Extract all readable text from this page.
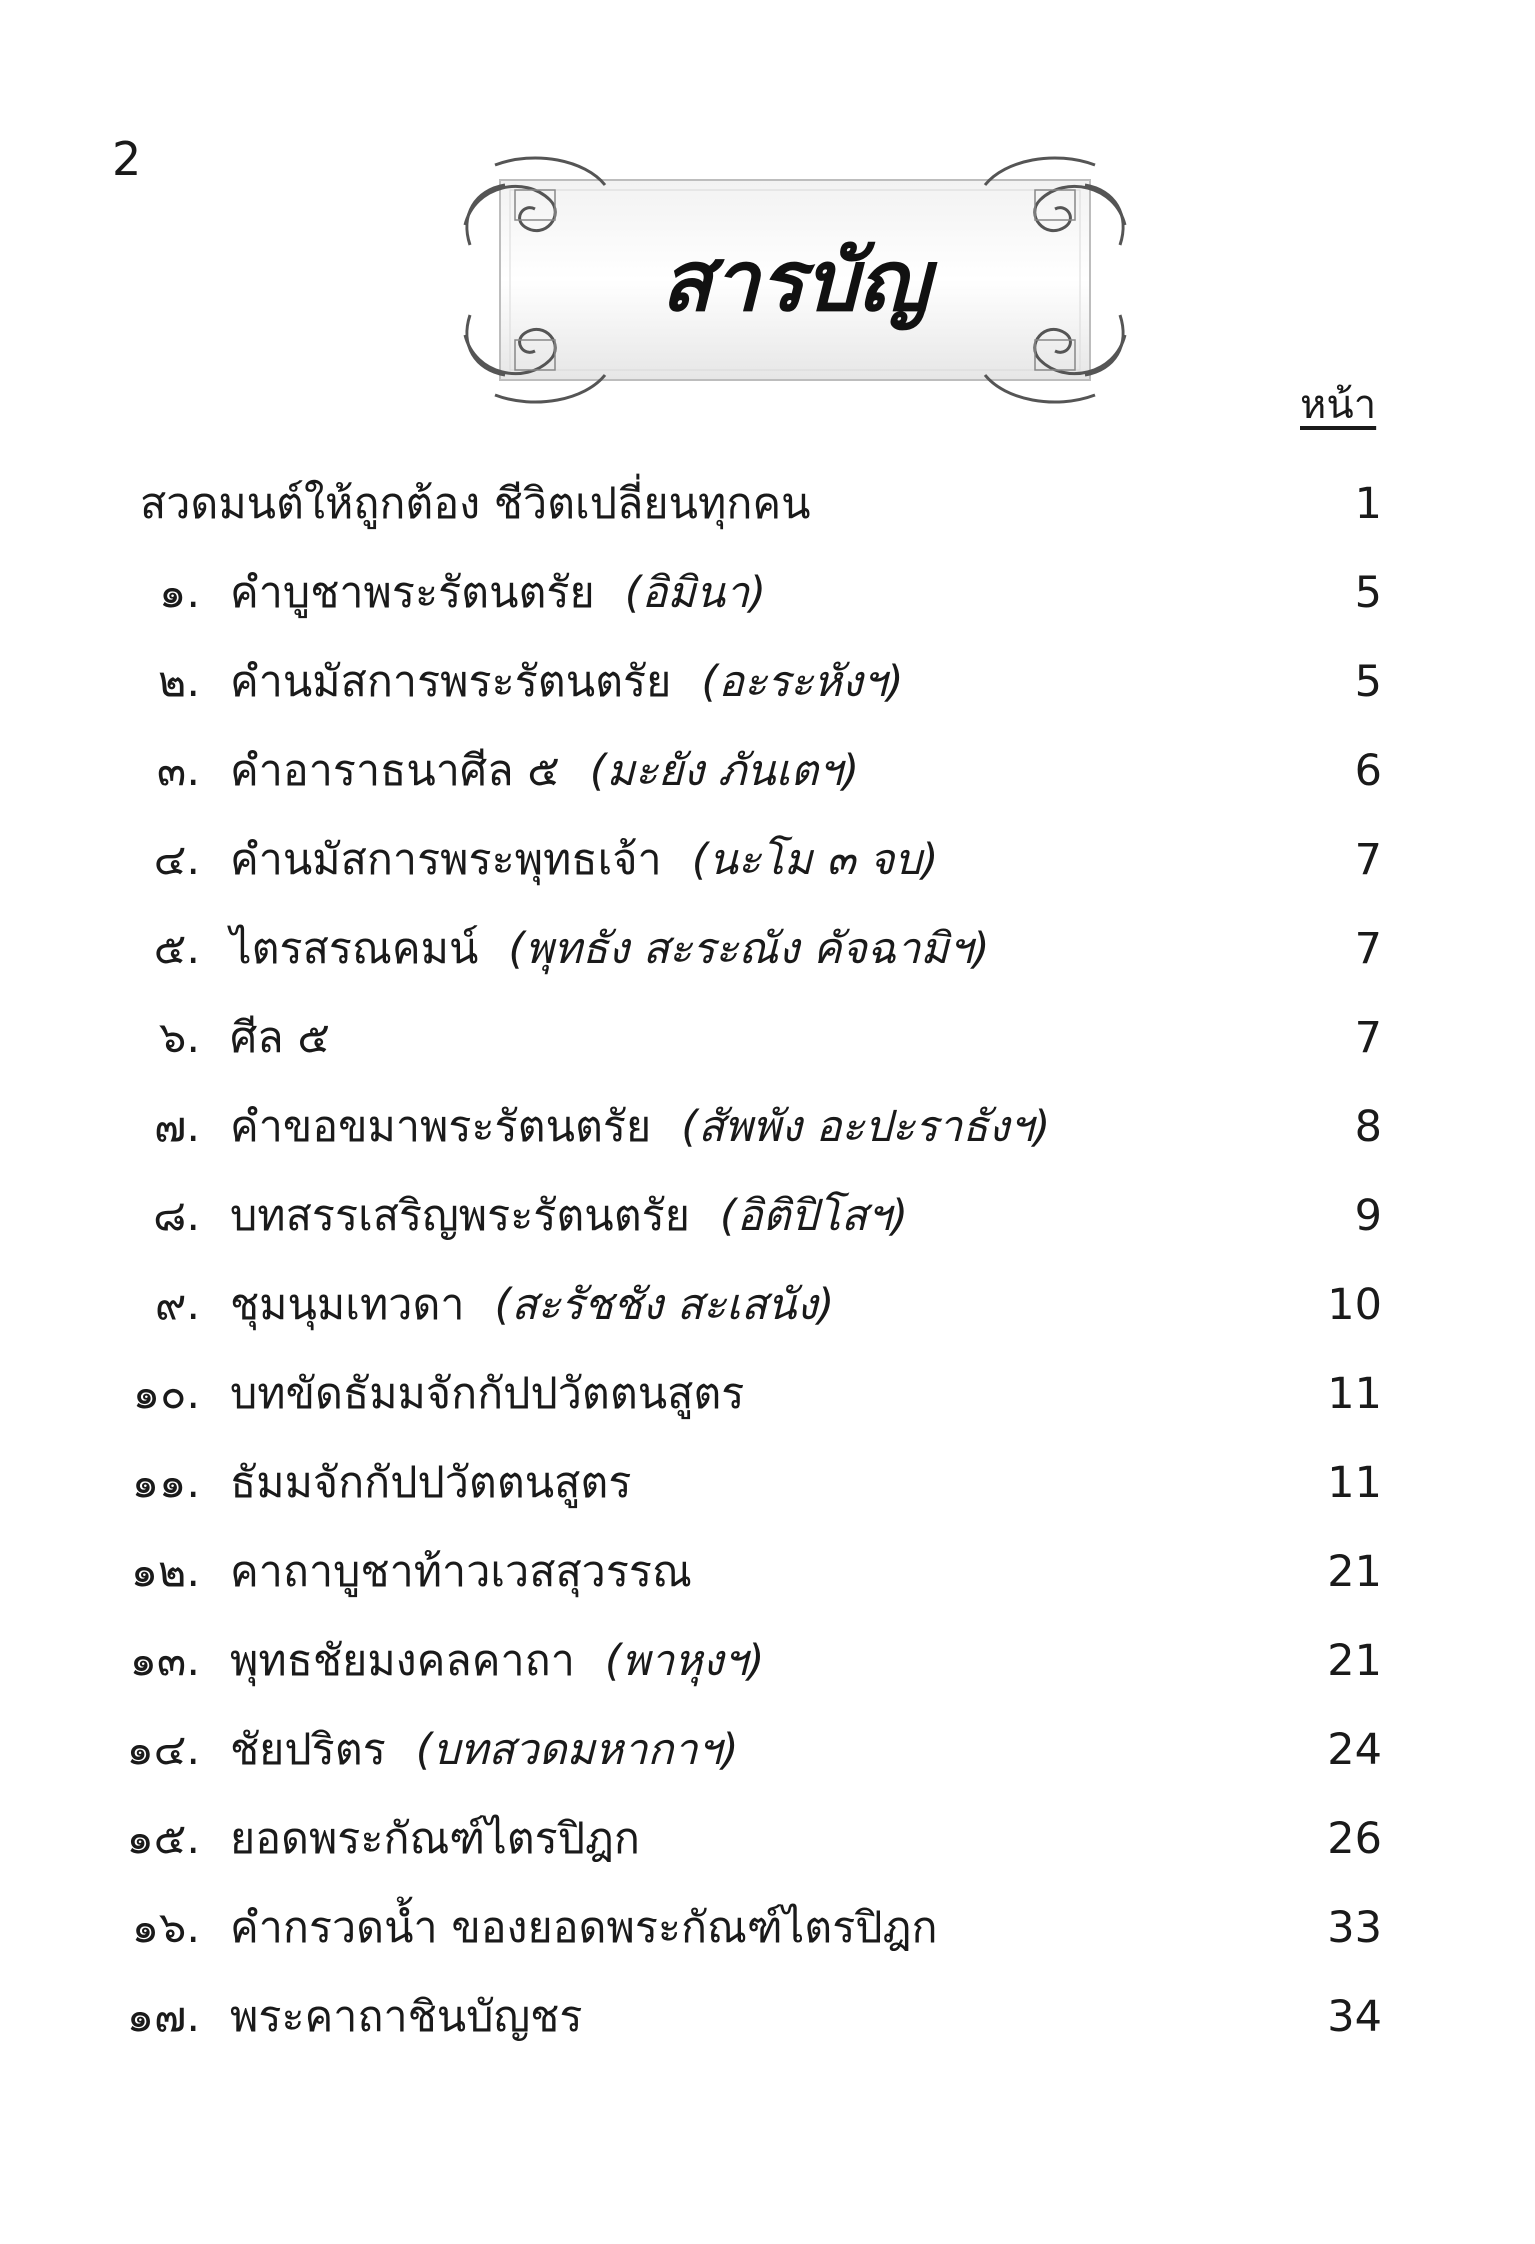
2
สารบัญ
หน้า
สวดมนต์ให้ถูกต้อง ชีวิตเปลี่ยนทุกคน	1
๑. คำบูชาพระรัตนตรัย (อิมินา)	5
๒. คำนมัสการพระรัตนตรัย (อะระหังฯ)	5
๓. คำอาราธนาศีล ๕ (มะยัง ภันเตฯ)	6
๔. คำนมัสการพระพุทธเจ้า (นะโม ๓ จบ)	7
๕. ไตรสรณคมน์ (พุทธัง สะระณัง คัจฉามิฯ)	7
๖. ศีล ๕	7
๗. คำขอขมาพระรัตนตรัย (สัพพัง อะปะราธังฯ)	8
๘. บทสรรเสริญพระรัตนตรัย (อิติปิโสฯ)	9
๙. ชุมนุมเทวดา (สะรัชชัง สะเสนัง)	10
๑๐. บทขัดธัมมจักกัปปวัตตนสูตร	11
๑๑. ธัมมจักกัปปวัตตนสูตร	11
๑๒. คาถาบูชาท้าวเวสสุวรรณ	21
๑๓. พุทธชัยมงคลคาถา (พาหุงฯ)	21
๑๔. ชัยปริตร (บทสวดมหากาฯ)	24
๑๕. ยอดพระกัณฑ์ไตรปิฎก	26
๑๖. คำกรวดน้ำ ของยอดพระกัณฑ์ไตรปิฎก	33
๑๗. พระคาถาชินบัญชร	34
